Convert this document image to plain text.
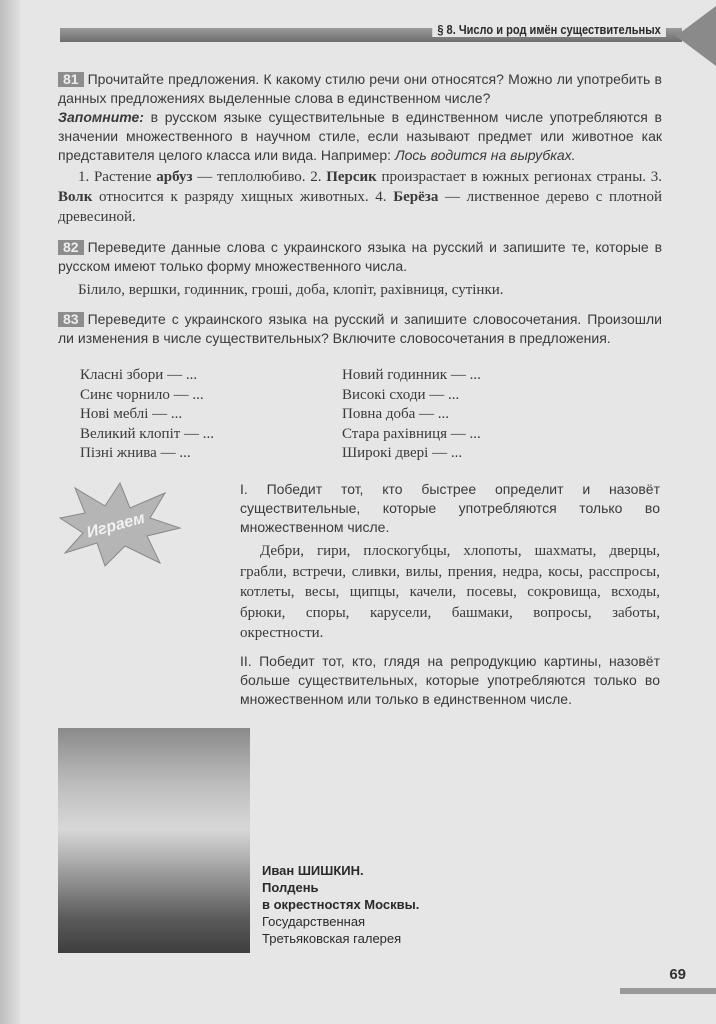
§ 8. Число и род имён существительных

81 Прочитайте предложения. К какому стилю речи они относятся? Можно ли употребить в данных предложениях выделенные слова в единственном числе?
Запомните: в русском языке существительные в единственном числе употребляются в значении множественного в научном стиле, если называют предмет или животное как представителя целого класса или вида. Например: Лось водится на вырубках.

1. Растение арбуз — теплолюбиво. 2. Персик произрастает в южных регионах страны. 3. Волк относится к разряду хищных животных. 4. Берёза — лиственное дерево с плотной древесиной.

82 Переведите данные слова с украинского языка на русский и запишите те, которые в русском имеют только форму множественного числа.

Білило, вершки, годинник, гроші, доба, клопіт, рахівниця, сутінки.

83 Переведите с украинского языка на русский и запишите словосочетания. Произошли ли изменения в числе существительных? Включите словосочетания в предложения.

Класні збори — ...	Новий годинник — ...
Синє чорнило — ...	Високі сходи — ...
Нові меблі — ...	Повна доба — ...
Великий клопіт — ...	Стара рахівниця — ...
Пізні жнива — ...	Широкі двері — ...
Играем

I. Победит тот, кто быстрее определит и назовёт существительные, которые употребляются только во множественном числе.

Дебри, гири, плоскогубцы, хлопоты, шахматы, дверцы, грабли, встречи, сливки, вилы, прения, недра, косы, расспросы, котлеты, весы, щипцы, качели, посевы, сокровища, всходы, брюки, споры, карусели, башмаки, вопросы, заботы, окрестности.

II. Победит тот, кто, глядя на репродукцию картины, назовёт больше существительных, которые употребляются только во множественном или только в единственном числе.

Иван ШИШКИН.
Полдень
в окрестностях Москвы.
Государственная
Третьяковская галерея
69
